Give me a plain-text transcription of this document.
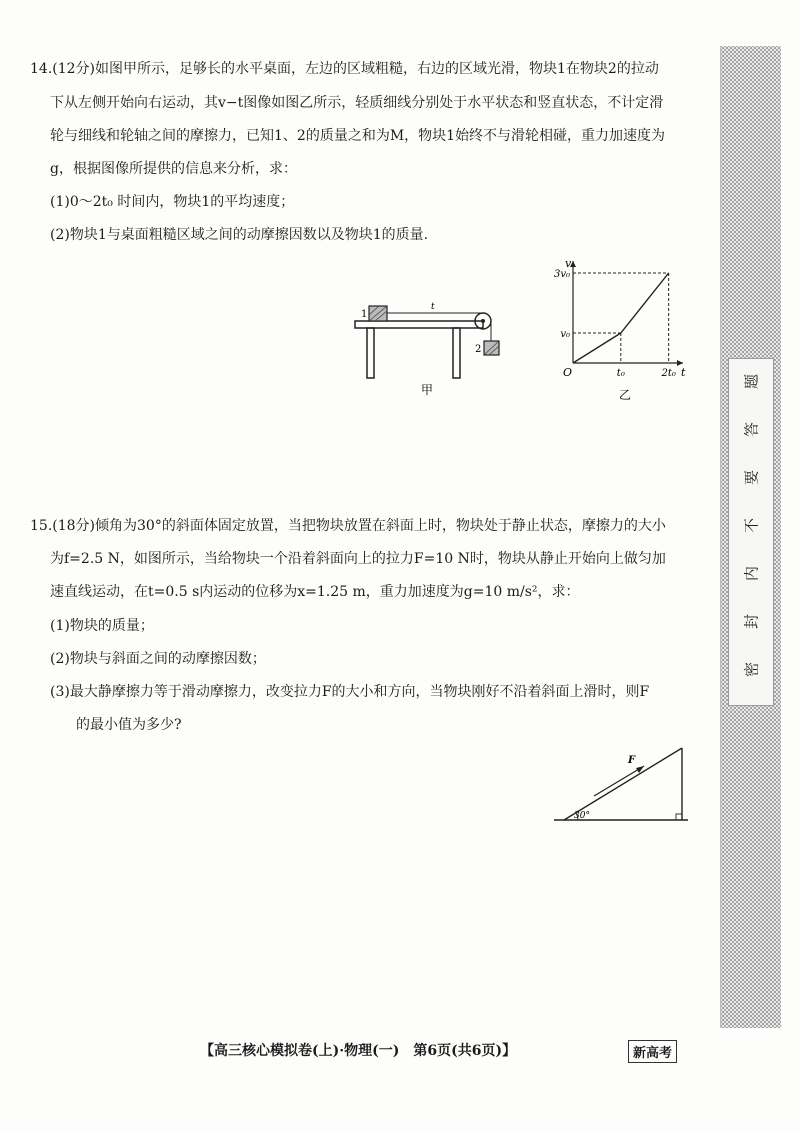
14.(12分)如图甲所示，足够长的水平桌面，左边的区域粗糙，右边的区域光滑，物块1在物块2的拉动
下从左侧开始向右运动，其v−t图像如图乙所示，轻质细线分别处于水平状态和竖直状态，不计定滑
轮与细线和轮轴之间的摩擦力，已知1、2的质量之和为M，物块1始终不与滑轮相碰，重力加速度为
g，根据图像所提供的信息来分析，求：
(1)0～2t₀ 时间内，物块1的平均速度；
(2)物块1与桌面粗糙区域之间的动摩擦因数以及物块1的质量.
1
t
2
甲
v
t
O
3v₀
v₀
t₀	2t₀
乙
15.(18分)倾角为30°的斜面体固定放置，当把物块放置在斜面上时，物块处于静止状态，摩擦力的大小
为f=2.5 N，如图所示，当给物块一个沿着斜面向上的拉力F=10 N时，物块从静止开始向上做匀加
速直线运动，在t=0.5 s内运动的位移为x=1.25 m，重力加速度为g=10 m/s²，求：
(1)物块的质量；
(2)物块与斜面之间的动摩擦因数；
(3)最大静摩擦力等于滑动摩擦力，改变拉力F的大小和方向，当物块刚好不沿着斜面上滑时，则F
的最小值为多少?
30°
F
密
封
内
不
要
答
题
【高三核心模拟卷(上)·物理(一)　第6页(共6页)】	新高考
